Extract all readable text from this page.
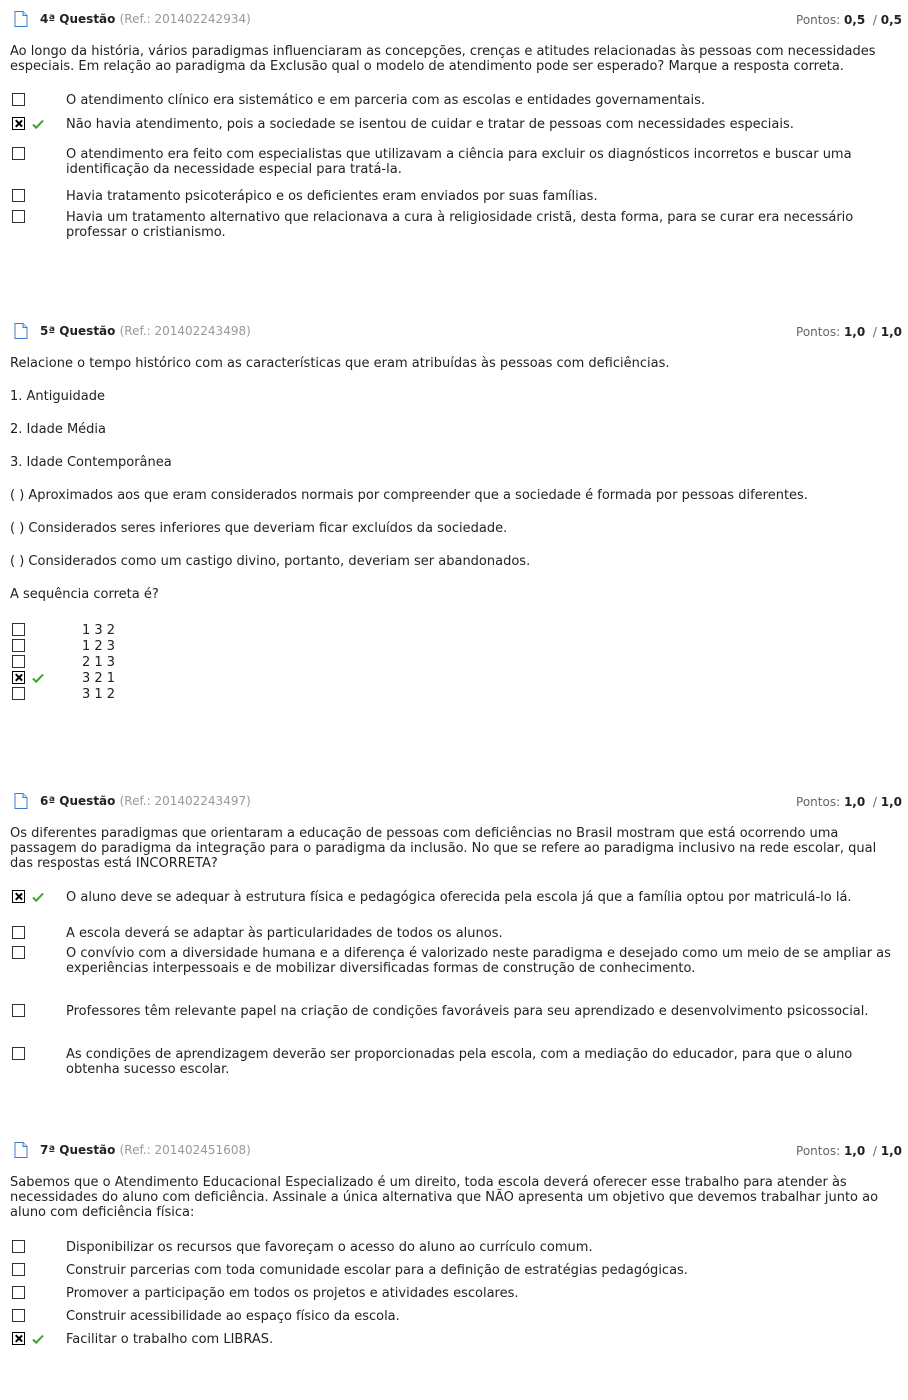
4ª Questão (Ref.: 201402242934)	Pontos: 0,5 / 0,5

Ao longo da história, vários paradigmas influenciaram as concepções, crenças e atitudes relacionadas às pessoas com necessidades especiais. Em relação ao paradigma da Exclusão qual o modelo de atendimento pode ser esperado? Marque a resposta correta.

O atendimento clínico era sistemático e em parceria com as escolas e entidades governamentais.
Não havia atendimento, pois a sociedade se isentou de cuidar e tratar de pessoas com necessidades especiais.
O atendimento era feito com especialistas que utilizavam a ciência para excluir os diagnósticos incorretos e buscar uma identificação da necessidade especial para tratá-la.
Havia tratamento psicoterápico e os deficientes eram enviados por suas famílias.
Havia um tratamento alternativo que relacionava a cura à religiosidade cristã, desta forma, para se curar era necessário professar o cristianismo.
5ª Questão (Ref.: 201402243498)	Pontos: 1,0 / 1,0

Relacione o tempo histórico com as características que eram atribuídas às pessoas com deficiências.

1. Antiguidade

2. Idade Média

3. Idade Contemporânea

( ) Aproximados aos que eram considerados normais por compreender que a sociedade é formada por pessoas diferentes.

( ) Considerados seres inferiores que deveriam ficar excluídos da sociedade.

( ) Considerados como um castigo divino, portanto, deveriam ser abandonados.

A sequência correta é?

1 3 2
1 2 3
2 1 3
3 2 1
3 1 2
6ª Questão (Ref.: 201402243497)	Pontos: 1,0 / 1,0

Os diferentes paradigmas que orientaram a educação de pessoas com deficiências no Brasil mostram que está ocorrendo uma passagem do paradigma da integração para o paradigma da inclusão. No que se refere ao paradigma inclusivo na rede escolar, qual das respostas está INCORRETA?

O aluno deve se adequar à estrutura física e pedagógica oferecida pela escola já que a família optou por matriculá-lo lá.
A escola deverá se adaptar às particularidades de todos os alunos.
O convívio com a diversidade humana e a diferença é valorizado neste paradigma e desejado como um meio de se ampliar as experiências interpessoais e de mobilizar diversificadas formas de construção de conhecimento.
Professores têm relevante papel na criação de condições favoráveis para seu aprendizado e desenvolvimento psicossocial.
As condições de aprendizagem deverão ser proporcionadas pela escola, com a mediação do educador, para que o aluno obtenha sucesso escolar.
7ª Questão (Ref.: 201402451608)	Pontos: 1,0 / 1,0

Sabemos que o Atendimento Educacional Especializado é um direito, toda escola deverá oferecer esse trabalho para atender às necessidades do aluno com deficiência. Assinale a única alternativa que NÃO apresenta um objetivo que devemos trabalhar junto ao aluno com deficiência física:

Disponibilizar os recursos que favoreçam o acesso do aluno ao currículo comum.
Construir parcerias com toda comunidade escolar para a definição de estratégias pedagógicas.
Promover a participação em todos os projetos e atividades escolares.
Construir acessibilidade ao espaço físico da escola.
Facilitar o trabalho com LIBRAS.
